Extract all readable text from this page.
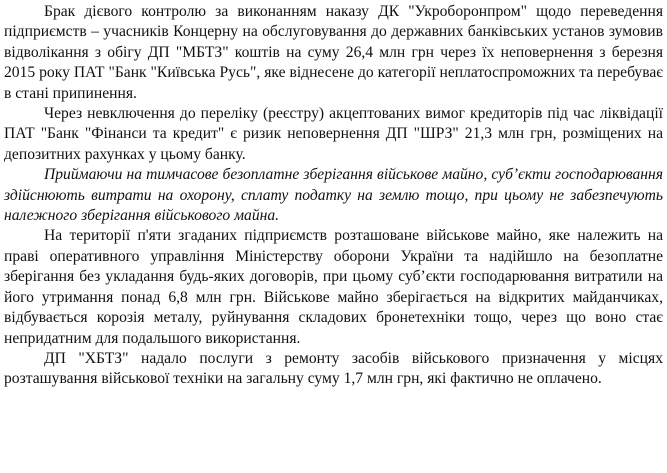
Брак дієвого контролю за виконанням наказу ДК "Укроборонпром" щодо переведення підприємств – учасників Концерну на обслуговування до державних банківських установ зумовив відволікання з обігу ДП "МБТЗ" коштів на суму 26,4 млн грн через їх неповернення з березня 2015 року ПАТ "Банк "Київська Русь", яке віднесене до категорії неплатоспроможних та перебуває в стані припинення.

Через невключення до переліку (реєстру) акцептованих вимог кредиторів під час ліквідації ПАТ "Банк "Фінанси та кредит" є ризик неповернення ДП "ШРЗ" 21,3 млн грн, розміщених на депозитних рахунках у цьому банку.

Приймаючи на тимчасове безоплатне зберігання військове майно, суб’єкти господарювання здійснюють витрати на охорону, сплату податку на землю тощо, при цьому не забезпечують належного зберігання військового майна.

На території п'яти згаданих підприємств розташоване військове майно, яке належить на праві оперативного управління Міністерству оборони України та надійшло на безоплатне зберігання без укладання будь-яких договорів, при цьому суб’єкти господарювання витратили на його утримання понад 6,8 млн грн. Військове майно зберігається на відкритих майданчиках, відбувається корозія металу, руйнування складових бронетехніки тощо, через що воно стає непридатним для подальшого використання.

ДП "ХБТЗ" надало послуги з ремонту засобів військового призначення у місцях розташування військової техніки на загальну суму 1,7 млн грн, які фактично не оплачено.
